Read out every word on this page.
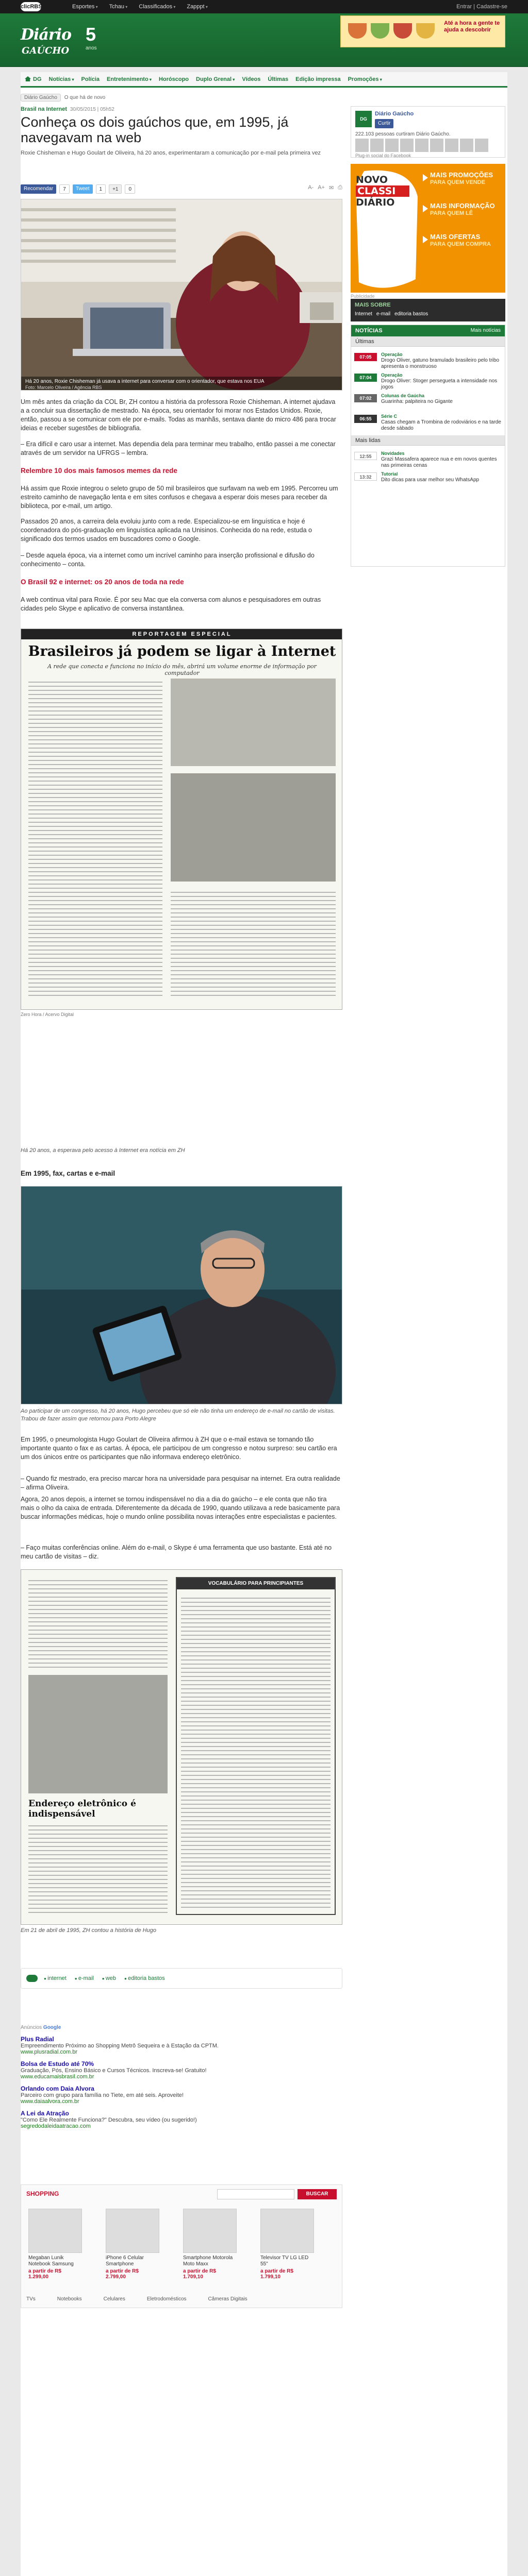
clicRBS	Esportes ▾	Tchau ▾	Classificados ▾	Zapppt ▾	Entrar | Cadastre-se
Diário
GAÚCHO
5
anos
Até a hora a gente te ajuda a descobrir
DG Notícias ▾	Polícia Entretenimento ▾	Horóscopo Duplo Grenal ▾	Vídeos Últimas Edição impressa Promoções ▾
Diário Gaúcho O que há de novo
Brasil na Internet 30/05/2015 | 05h52
Conheça os dois gaúchos que, em 1995, já navegavam na web
Roxie Chisheman e Hugo Goulart de Oliveira, há 20 anos, experimentaram a comunicação por e-mail pela primeira vez
Recomendar	7	Tweet	1	+1	0	A- A+ ✉ ⎙
Há 20 anos, Roxie Chisheman já usava a internet para conversar com o orientador, que estava nos EUA
Foto: Marcelo Oliveira / Agência RBS
Um mês antes da criação da COL Br, ZH contou a história da professora Roxie Chisheman. A internet ajudava a a concluir sua dissertação de mestrado. Na época, seu orientador foi morar nos Estados Unidos. Roxie, então, passou a se comunicar com ele por e-mails. Todas as manhãs, sentava diante do micro 486 para trocar ideias e receber sugestões de bibliografia.
– Era difícil e caro usar a internet. Mas dependia dela para terminar meu trabalho, então passei a me conectar através de um servidor na UFRGS – lembra.
Relembre 10 dos mais famosos memes da rede
Há assim que Roxie integrou o seleto grupo de 50 mil brasileiros que surfavam na web em 1995. Percorreu um estreito caminho de navegação lenta e em sites confusos e chegava a esperar dois meses para receber da biblioteca, por e-mail, um artigo.
Passados 20 anos, a carreira dela evoluiu junto com a rede. Especializou-se em linguística e hoje é coordenadora do pós-graduação em linguística aplicada na Unisinos. Conhecida do na rede, estuda o significado dos termos usados em buscadores como o Google.
– Desde aquela época, via a internet como um incrível caminho para inserção profissional e difusão do conhecimento – conta.
O Brasil 92 e internet: os 20 anos de toda na rede
A web continua vital para Roxie. É por seu Mac que ela conversa com alunos e pesquisadores em outras cidades pelo Skype e aplicativo de conversa instantânea.
REPORTAGEM ESPECIAL
Brasileiros já podem se ligar à Internet
A rede que conecta e funciona no início do mês, abrirá um volume enorme de informação por computador
Zero Hora / Acervo Digital
Há 20 anos, a esperava pelo acesso à Internet era notícia em ZH
Em 1995, fax, cartas e e-mail
Ao participar de um congresso, há 20 anos, Hugo percebeu que só ele não tinha um endereço de e-mail no cartão de visitas. Trabou de fazer assim que retornou para Porto Alegre
Em 1995, o pneumologista Hugo Goulart de Oliveira afirmou à ZH que o e-mail estava se tornando tão importante quanto o fax e as cartas. À época, ele participou de um congresso e notou surpreso: seu cartão era um dos únicos entre os participantes que não informava endereço eletrônico.
– Quando fiz mestrado, era preciso marcar hora na universidade para pesquisar na internet. Era outra realidade – afirma Oliveira.
Agora, 20 anos depois, a internet se tornou indispensável no dia a dia do gaúcho – e ele conta que não tira mais o olho da caixa de entrada. Diferentemente da década de 1990, quando utilizava a rede basicamente para buscar informações médicas, hoje o mundo online possibilita novas interações entre especialistas e pacientes.
– Faço muitas conferências online. Além do e-mail, o Skype é uma ferramenta que uso bastante. Está até no meu cartão de visitas – diz.
Endereço eletrônico é indispensável
VOCABULÁRIO PARA PRINCIPIANTES
Em 21 de abril de 1995, ZH contou a história de Hugo
● internet	● e-mail	● web	● editoria bastos
Anúncios Google
Plus Radial
Empreendimento Próximo ao Shopping Metrô Sequeira e à Estação da CPTM.
www.plusradial.com.br
Bolsa de Estudo até 70%
Graduação, Pós, Ensino Básico e Cursos Técnicos. Inscreva-se! Gratuito!
www.educamaisbrasil.com.br
Orlando com Daia Alvora
Parceiro com grupo para família no Tiete, em até seis. Aproveite!
www.daiaalvora.com.br
A Lei da Atração
"Como Ele Realmente Funciona?" Descubra, seu vídeo (ou sugerido!)
segredodaleidaatracao.com
SHOPPING	BUSCAR
Megaban Lunik Notebook Samsung
a partir de R$ 1.299,00
iPhone 6 Celular Smartphone
a partir de R$ 2.799,00
Smartphone Motorola Moto Maxx
a partir de R$ 1.709,10
Televisor TV LG LED 55"
a partir de R$ 1.799,10
TVs	Notebooks	Celulares	Eletrodomésticos	Câmeras Digitais
DG
Diário Gaúcho
Curtir
222.103 pessoas curtiram Diário Gaúcho.
Plug-in social do Facebook
NOVO
CLASSI
DIÁRIO
MAIS PROMOÇÕES
PARA QUEM VENDE
MAIS INFORMAÇÃO
PARA QUEM LÊ
MAIS OFERTAS
PARA QUEM COMPRA
Publicidade
MAIS SOBRE
Internet e-mail editoria bastos
NOTÍCIAS	Mais notícias
Últimas
07:05	Operação
Drogo Oliver, gatuno bramulado brasileiro pelo tribo apresenta o monstruoso
07:04	Operação
Drogo Oliver: Stoger persegueta a intensidade nos jogos
07:02	Colunas de Gaúcha
Guarinha: palpiteira no Gigante
06:55	Série C
Casas chegam a Trombina de rodoviários e na tarde desde sábado
Mais lidas
12:55
Novidades
Grazi Massafera aparece nua e em novos quentes nas primeiras cenas
13:32
Tutorial
Dito dicas para usar melhor seu WhatsApp
